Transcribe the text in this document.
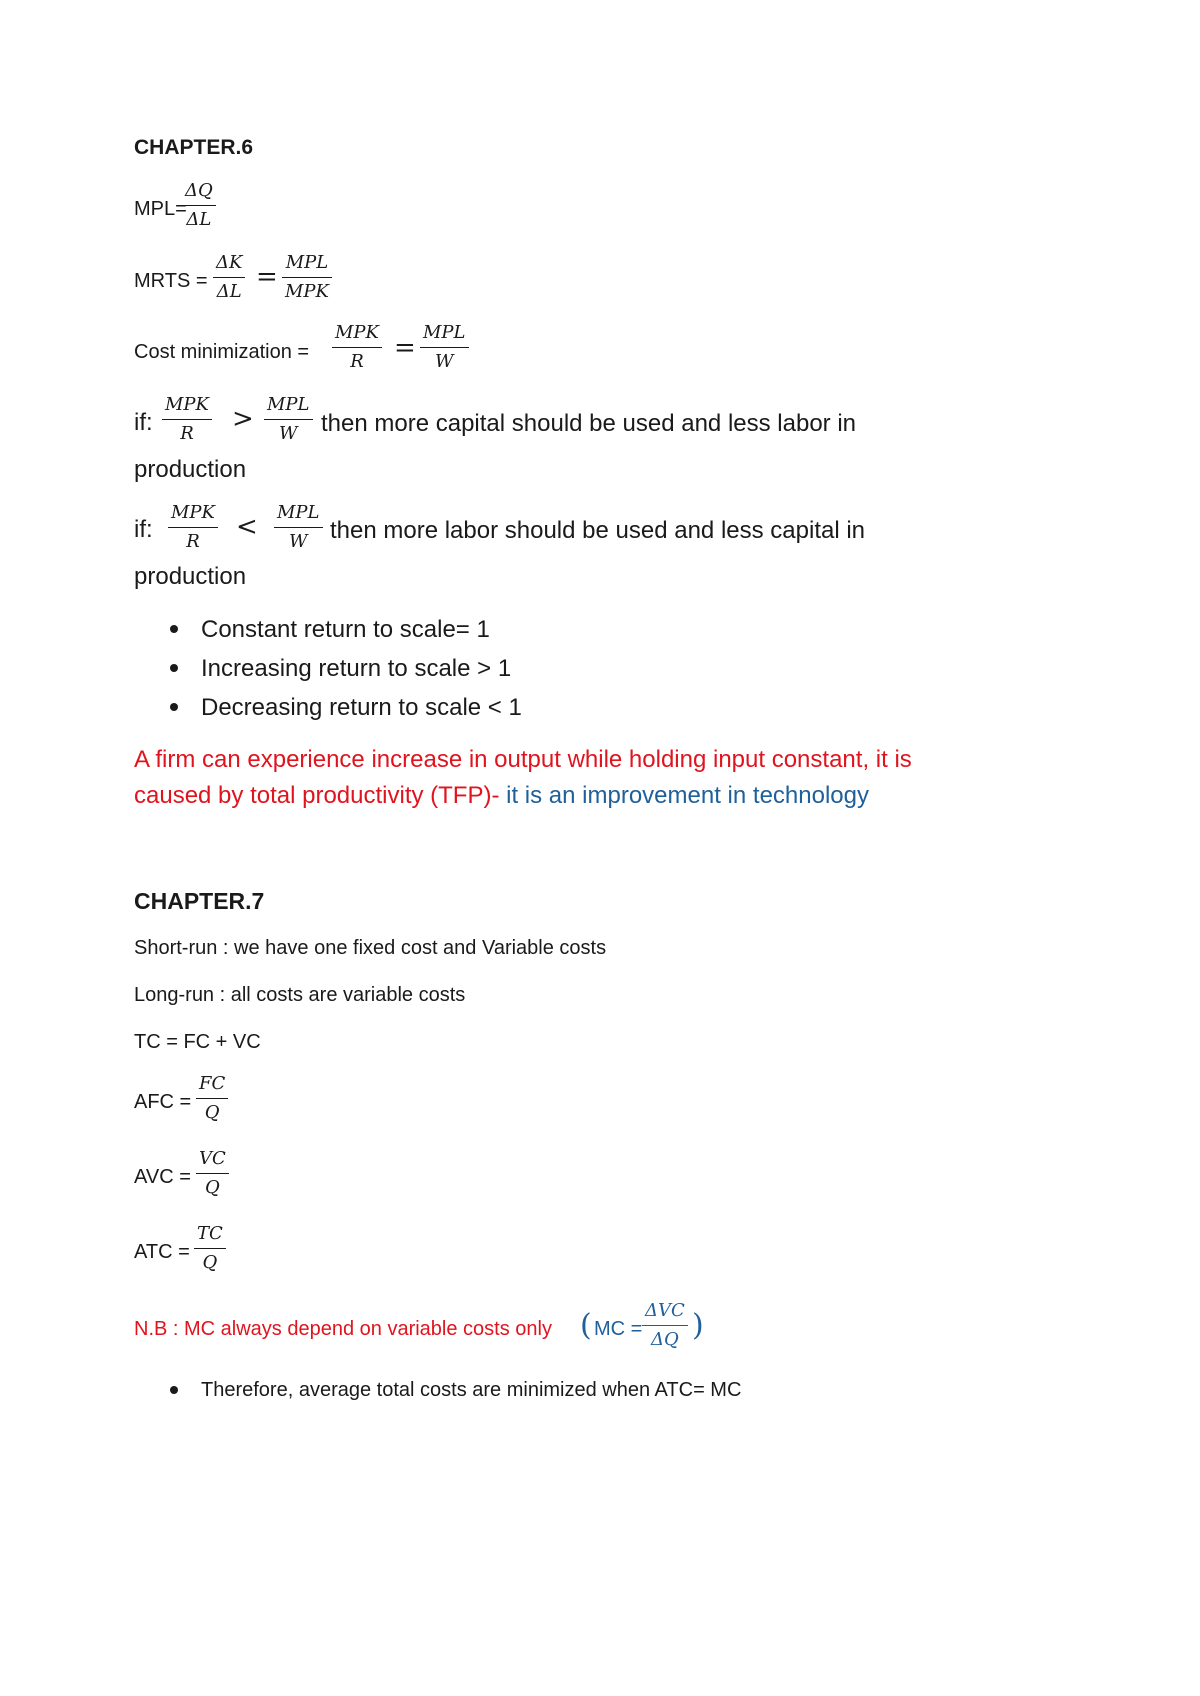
CHAPTER.6
MPL=
ΔQ
ΔL
MRTS =
ΔK
ΔL = MPL
MPK
Cost minimization =
MPK
R =
MPL
W
if:
MPK
R > MPL
W then more capital should be used and less labor in
production
if:
MPK
R < MPL
W then more labor should be used and less capital in
production
Constant return to scale= 1
Increasing return to scale > 1
Decreasing return to scale < 1
A firm can experience increase in output while holding input constant, it is
caused by total productivity (TFP)- it is an improvement in technology
CHAPTER.7
Short-run : we have one fixed cost and Variable costs
Long-run : all costs are variable costs
TC = FC + VC
AFC =
FC
Q
AVC =
VC
Q
ATC =
TC
Q
N.B : MC always depend on variable costs only ( MC =
ΔVC
ΔQ )
Therefore, average total costs are minimized when ATC= MC
